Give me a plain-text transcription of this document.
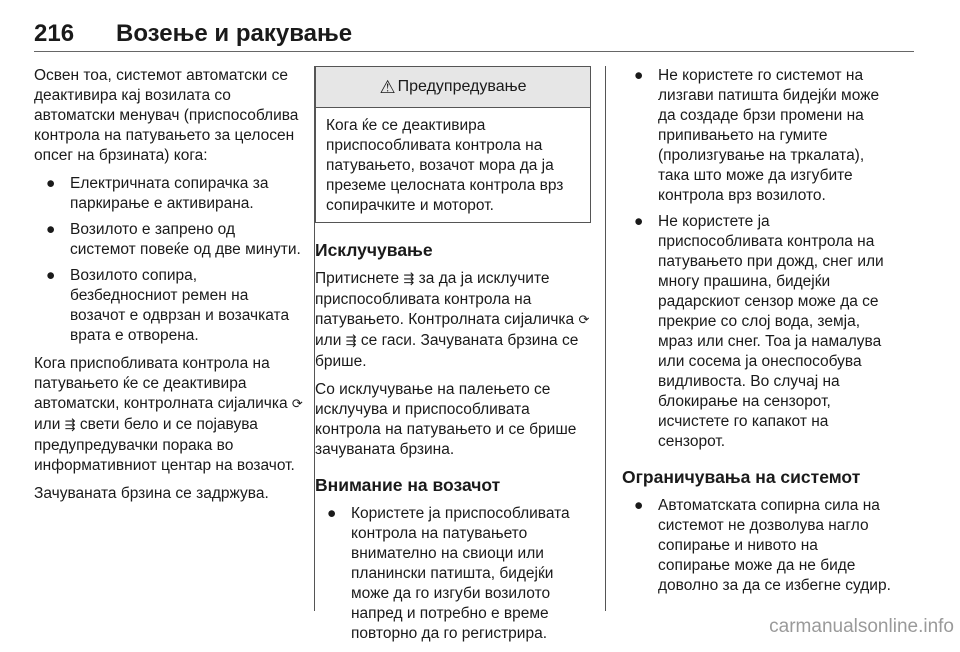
216 Возење и ракување

Освен тоа, системот автоматски се деактивира кај возилата со автоматски менувач (приспособлива контрола на патувањето за целосен опсег на брзината) кога:

● Електричната сопирачка за паркирање е активирана.
● Возилото е запрено од системот повеќе од две минути.
● Возилото сопира, безбедносниот ремен на возачот е одврзан и возачката врата е отворена.

Кога приспобливата контрола на патувањето ќе се деактивира автоматски, контролната сијаличка ⟳ или ⇶ свети бело и се појавува предупредувачки порака во информативниот центар на возачот.

Зачуваната брзина се задржува.

⚠ Предупредување
Кога ќе се деактивира приспособливата контрола на патувањето, возачот мора да ја преземе целосната контрола врз сопирачките и моторот.
Исклучување

Притиснете ⇶ за да ја исклучите приспособливата контрола на патувањето. Контролната сијаличка ⟳ или ⇶ се гаси. Зачуваната брзина се брише.

Со исклучување на палењето се исклучува и приспособливата контрола на патувањето и се брише зачуваната брзина.

Внимание на возачот
● Користете ја приспособливата контрола на патувањето внимателно на свиоци или планински патишта, бидејќи може да го изгуби возилото напред и потребно е време повторно да го регистрира.
● Не користете го системот на лизгави патишта бидејќи може да создаде брзи промени на припивањето на гумите (пролизгување на тркалата), така што може да изгубите контрола врз возилото.
● Не користете ја приспособливата контрола на патувањето при дожд, снег или многу прашина, бидејќи радарскиот сензор може да се прекрие со слој вода, земја, мраз или снег. Тоа ја намалува или сосема ја онеспособува видливоста. Во случај на блокирање на сензорот, исчистете го капакот на сензорот.
Ограничувања на системот
● Автоматската сопирна сила на системот не дозволува нагло сопирање и нивото на сопирање може да не биде доволно за да се избегне судир.
carmanualsonline.info
